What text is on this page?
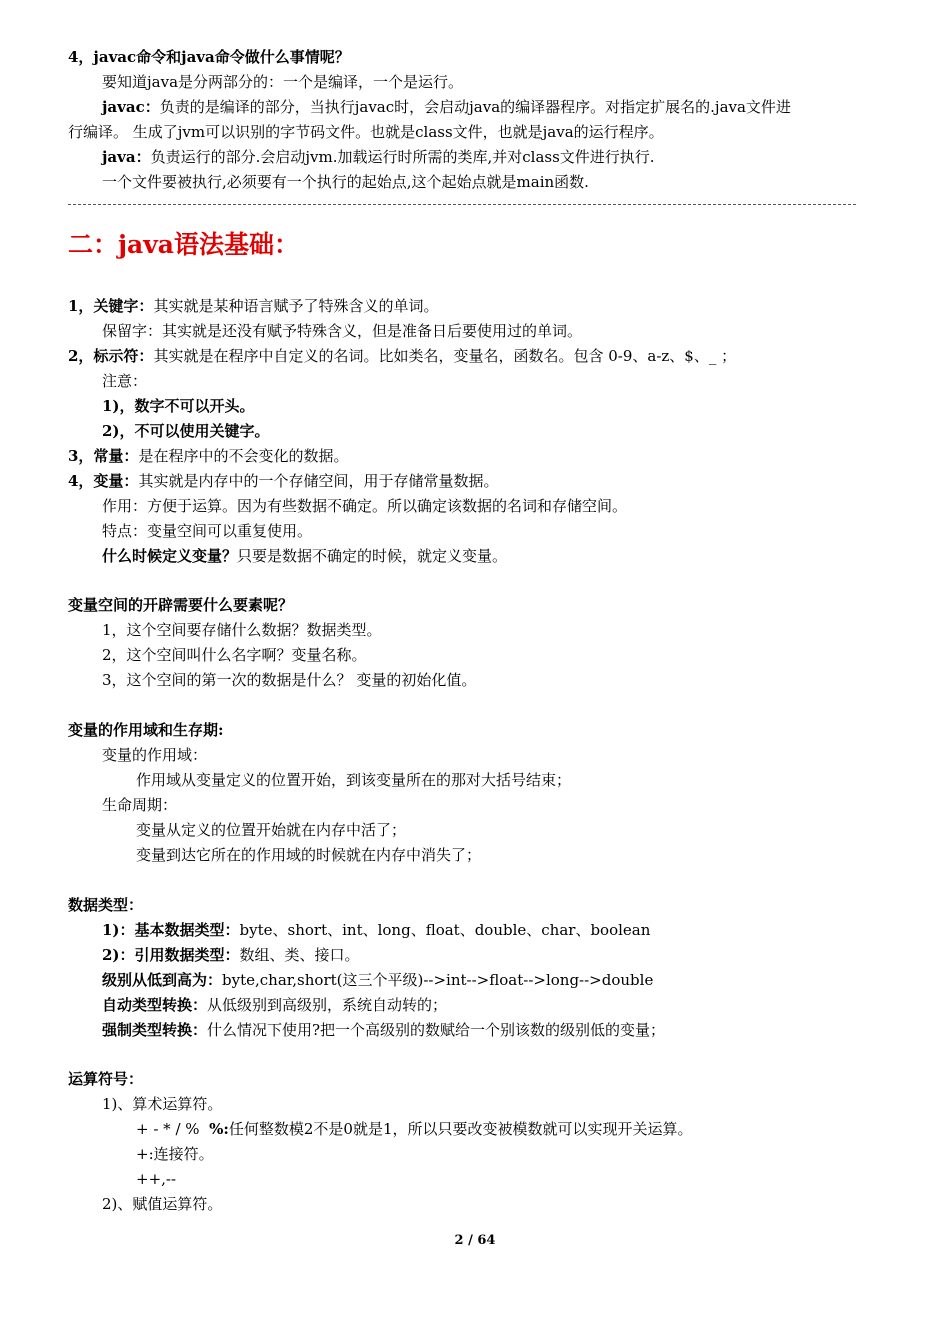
4，javac命令和java命令做什么事情呢？
要知道java是分两部分的：一个是编译，一个是运行。
javac：负责的是编译的部分，当执行javac时，会启动java的编译器程序。对指定扩展名的.java文件进
行编译。 生成了jvm可以识别的字节码文件。也就是class文件，也就是java的运行程序。
java：负责运行的部分.会启动jvm.加载运行时所需的类库,并对class文件进行执行.
一个文件要被执行,必须要有一个执行的起始点,这个起始点就是main函数.
二：java语法基础：
1，关键字：其实就是某种语言赋予了特殊含义的单词。
保留字：其实就是还没有赋予特殊含义，但是准备日后要使用过的单词。
2，标示符：其实就是在程序中自定义的名词。比如类名，变量名，函数名。包含 0-9、a-z、$、_ ；
注意：
1)，数字不可以开头。
2)，不可以使用关键字。
3，常量：是在程序中的不会变化的数据。
4，变量：其实就是内存中的一个存储空间，用于存储常量数据。
作用：方便于运算。因为有些数据不确定。所以确定该数据的名词和存储空间。
特点：变量空间可以重复使用。
什么时候定义变量？只要是数据不确定的时候，就定义变量。
变量空间的开辟需要什么要素呢？
1，这个空间要存储什么数据？数据类型。
2，这个空间叫什么名字啊？变量名称。
3，这个空间的第一次的数据是什么？ 变量的初始化值。
变量的作用域和生存期:
变量的作用域：
作用域从变量定义的位置开始，到该变量所在的那对大括号结束；
生命周期：
变量从定义的位置开始就在内存中活了；
变量到达它所在的作用域的时候就在内存中消失了；
数据类型：
1)：基本数据类型：byte、short、int、long、float、double、char、boolean
2)：引用数据类型：数组、类、接口。
级别从低到高为：byte,char,short(这三个平级)-->int-->float-->long-->double
自动类型转换：从低级别到高级别，系统自动转的；
强制类型转换：什么情况下使用?把一个高级别的数赋给一个别该数的级别低的变量；
运算符号：
1)、算术运算符。
+ - * / %  %:任何整数模2不是0就是1，所以只要改变被模数就可以实现开关运算。
+:连接符。
++,--
2)、赋值运算符。
2 / 64
